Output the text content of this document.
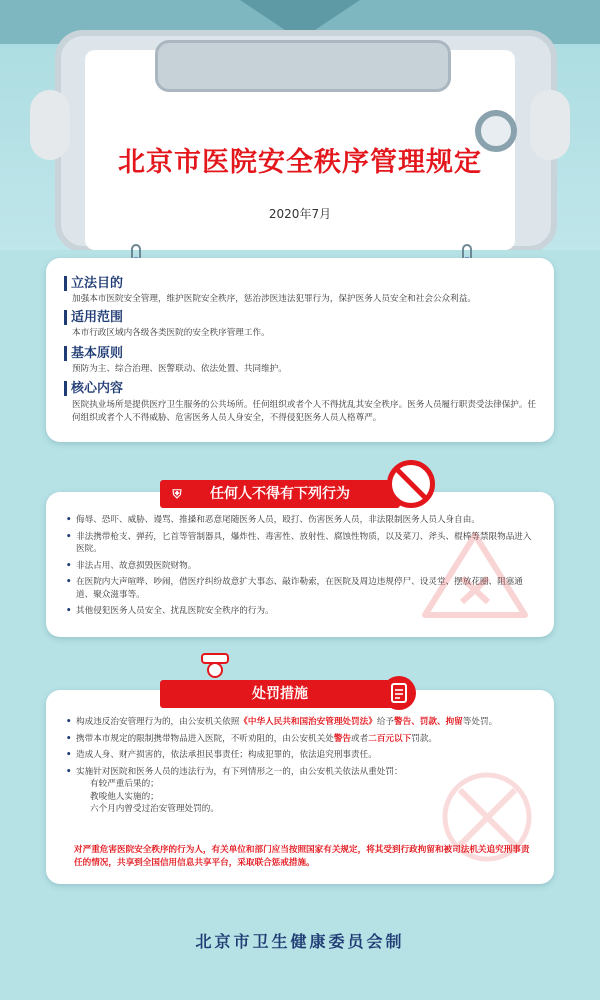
北京市医院安全秩序管理规定
2020年7月
立法目的
加强本市医院安全管理，维护医院安全秩序，惩治涉医违法犯罪行为，保护医务人员安全和社会公众利益。
适用范围
本市行政区域内各级各类医院的安全秩序管理工作。
基本原则
预防为主、综合治理、医警联动、依法处置、共同维护。
核心内容
医院执业场所是提供医疗卫生服务的公共场所。任何组织或者个人不得扰乱其安全秩序。医务人员履行职责受法律保护。任何组织或者个人不得威胁、危害医务人员人身安全，不得侵犯医务人员人格尊严。
• 侮辱、恐吓、威胁、谩骂、推搡和恶意尾随医务人员，殴打、伤害医务人员，非法限制医务人员人身自由。
• 非法携带枪支、弹药，匕首等管制器具，爆炸性、毒害性、放射性、腐蚀性物质，以及菜刀、斧头、棍棒等禁限物品进入医院。
• 非法占用、故意损毁医院财物。
• 在医院内大声喧哗、吵闹，借医疗纠纷故意扩大事态、敲诈勒索，在医院及周边违规停尸、设灵堂、摆放花圈、阻塞通道、聚众滋事等。
• 其他侵犯医务人员安全、扰乱医院安全秩序的行为。
⛨ 任何人不得有下列行为
• 构成违反治安管理行为的，由公安机关依照《中华人民共和国治安管理处罚法》给予警告、罚款、拘留等处罚。
• 携带本市规定的限制携带物品进入医院，不听劝阻的，由公安机关处警告或者二百元以下罚款。
• 造成人身、财产损害的，依法承担民事责任；构成犯罪的，依法追究刑事责任。
• 实施针对医院和医务人员的违法行为，有下列情形之一的，由公安机关依法从重处罚：
有较严重后果的；
教唆他人实施的；
六个月内曾受过治安管理处罚的。
对严重危害医院安全秩序的行为人，有关单位和部门应当按照国家有关规定，将其受到行政拘留和被司法机关追究刑事责任的情况，共享到全国信用信息共享平台，采取联合惩戒措施。
处罚措施
北京市卫生健康委员会制
